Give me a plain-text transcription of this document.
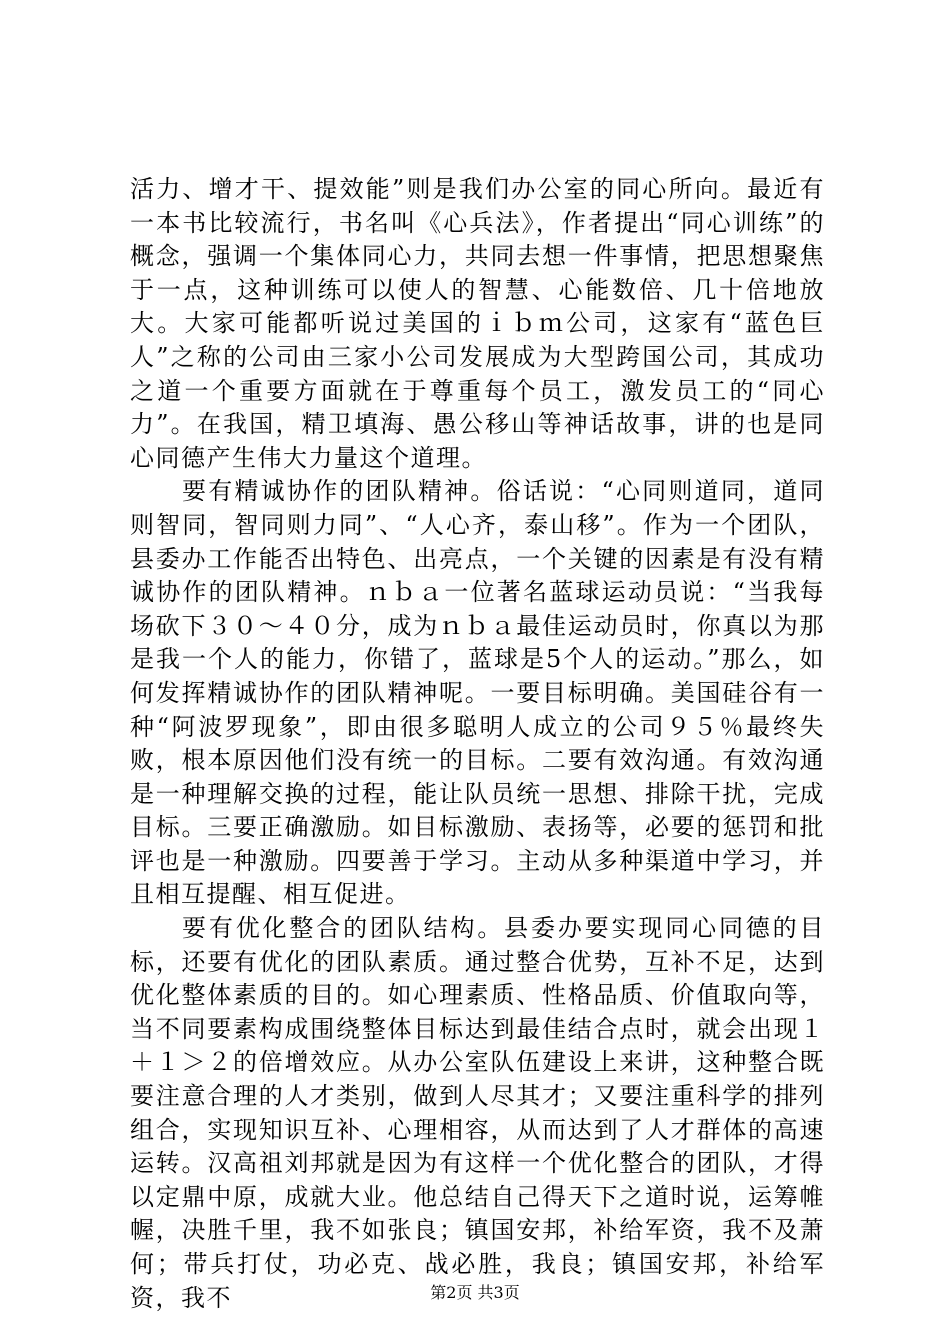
活力、增才干、提效能”则是我们办公室的同心所向。最近有一本书比较流行，书名叫《心兵法》，作者提出“同心训练”的概念，强调一个集体同心力，共同去想一件事情，把思想聚焦于一点，这种训练可以使人的智慧、心能数倍、几十倍地放大。大家可能都听说过美国的ｉｂｍ公司，这家有“蓝色巨人”之称的公司由三家小公司发展成为大型跨国公司，其成功之道一个重要方面就在于尊重每个员工，激发员工的“同心力”。在我国，精卫填海、愚公移山等神话故事，讲的也是同心同德产生伟大力量这个道理。

要有精诚协作的团队精神。俗话说：“心同则道同，道同则智同，智同则力同”、“人心齐，泰山移”。作为一个团队，县委办工作能否出特色、出亮点，一个关键的因素是有没有精诚协作的团队精神。ｎｂａ一位著名蓝球运动员说：“当我每场砍下３０～４０分，成为ｎｂａ最佳运动员时，你真以为那是我一个人的能力，你错了，蓝球是5个人的运动。”那么，如何发挥精诚协作的团队精神呢。一要目标明确。美国硅谷有一种“阿波罗现象”，即由很多聪明人成立的公司９５％最终失败，根本原因他们没有统一的目标。二要有效沟通。有效沟通是一种理解交换的过程，能让队员统一思想、排除干扰，完成目标。三要正确激励。如目标激励、表扬等，必要的惩罚和批评也是一种激励。四要善于学习。主动从多种渠道中学习，并且相互提醒、相互促进。

要有优化整合的团队结构。县委办要实现同心同德的目标，还要有优化的团队素质。通过整合优势，互补不足，达到优化整体素质的目的。如心理素质、性格品质、价值取向等，当不同要素构成围绕整体目标达到最佳结合点时，就会出现１＋１＞２的倍增效应。从办公室队伍建设上来讲，这种整合既要注意合理的人才类别，做到人尽其才；又要注重科学的排列组合，实现知识互补、心理相容，从而达到了人才群体的高速运转。汉高祖刘邦就是因为有这样一个优化整合的团队，才得以定鼎中原，成就大业。他总结自己得天下之道时说，运筹帷幄，决胜千里，我不如张良；镇国安邦，补给军资，我不及萧何；带兵打仗，功必克、战必胜，我良；镇国安邦，补给军资，我不	第2页 共3页
